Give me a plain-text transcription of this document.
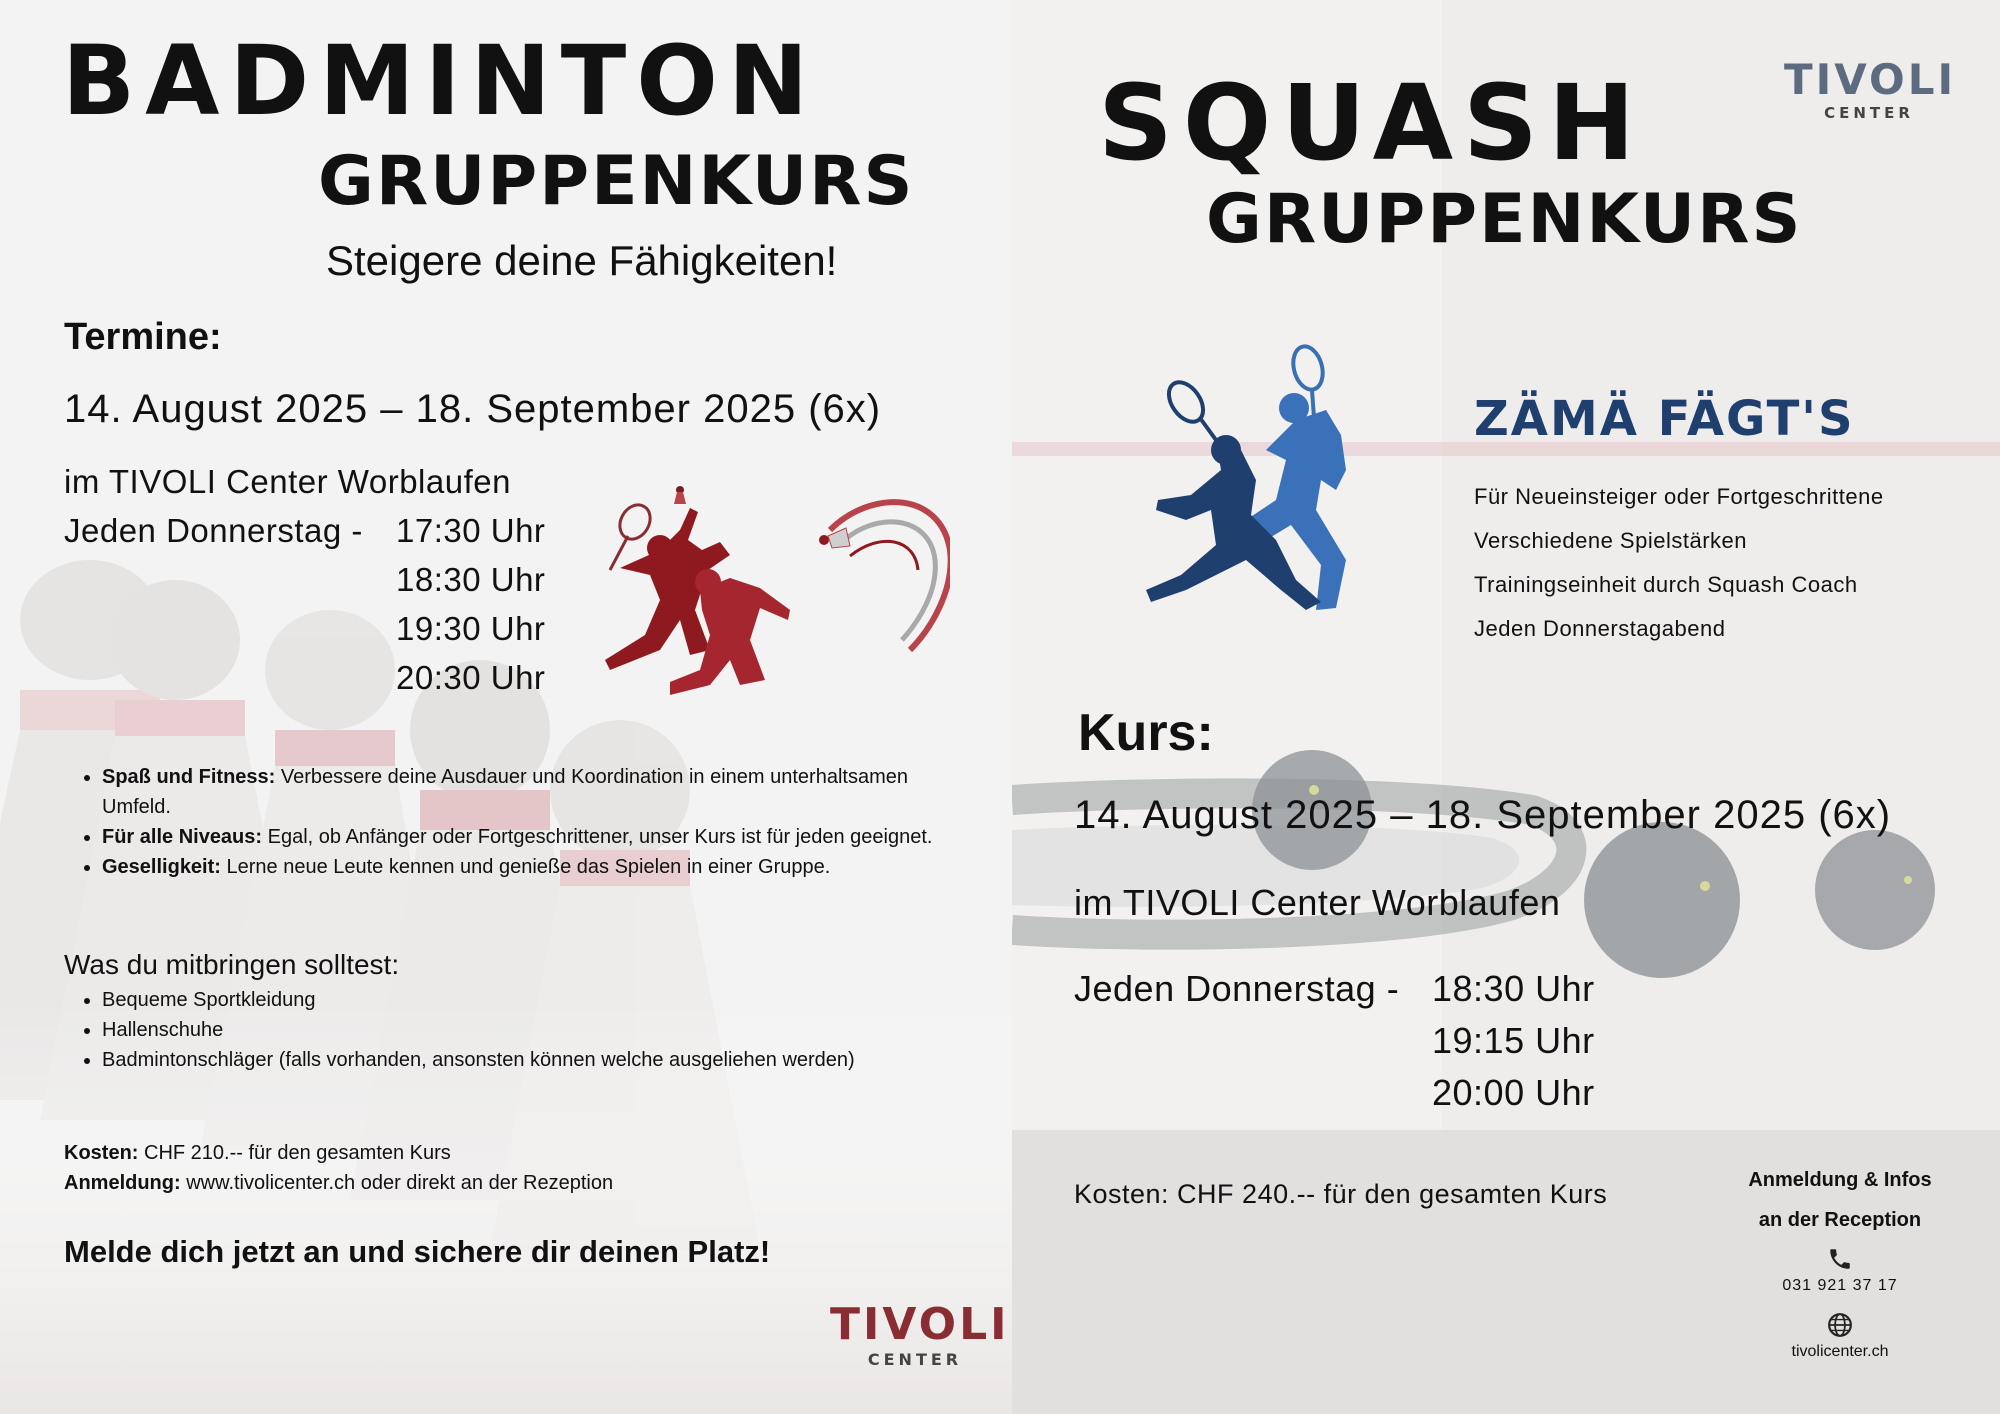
BADMINTON
GRUPPENKURS
Steigere deine Fähigkeiten!
Termine:
14. August 2025 – 18. September 2025 (6x)
im TIVOLI Center Worblaufen
Jeden Donnerstag - 17:30 Uhr
18:30 Uhr
19:30 Uhr
20:30 Uhr
• Spaß und Fitness: Verbessere deine Ausdauer und Koordination in einem unterhaltsamen Umfeld.
• Für alle Niveaus: Egal, ob Anfänger oder Fortgeschrittener, unser Kurs ist für jeden geeignet.
• Geselligkeit: Lerne neue Leute kennen und genieße das Spielen in einer Gruppe.
Was du mitbringen solltest:
• Bequeme Sportkleidung
• Hallenschuhe
• Badmintonschläger (falls vorhanden, ansonsten können welche ausgeliehen werden)
Kosten: CHF 210.-- für den gesamten Kurs
Anmeldung: www.tivolicenter.ch oder direkt an der Rezeption
Melde dich jetzt an und sichere dir deinen Platz!
TIVOLI
CENTER
SQUASH
GRUPPENKURS
TIVOLI
CENTER
ZÄMÄ FÄGT'S
Für Neueinsteiger oder Fortgeschrittene
Verschiedene Spielstärken
Trainingseinheit durch Squash Coach
Jeden Donnerstagabend
Kurs:
14. August 2025 – 18. September 2025 (6x)
im TIVOLI Center Worblaufen
Jeden Donnerstag - 18:30 Uhr
19:15 Uhr
20:00 Uhr
Kosten: CHF 240.-- für den gesamten Kurs	Anmeldung & Infos
an der Reception
031 921 37 17
tivolicenter.ch
